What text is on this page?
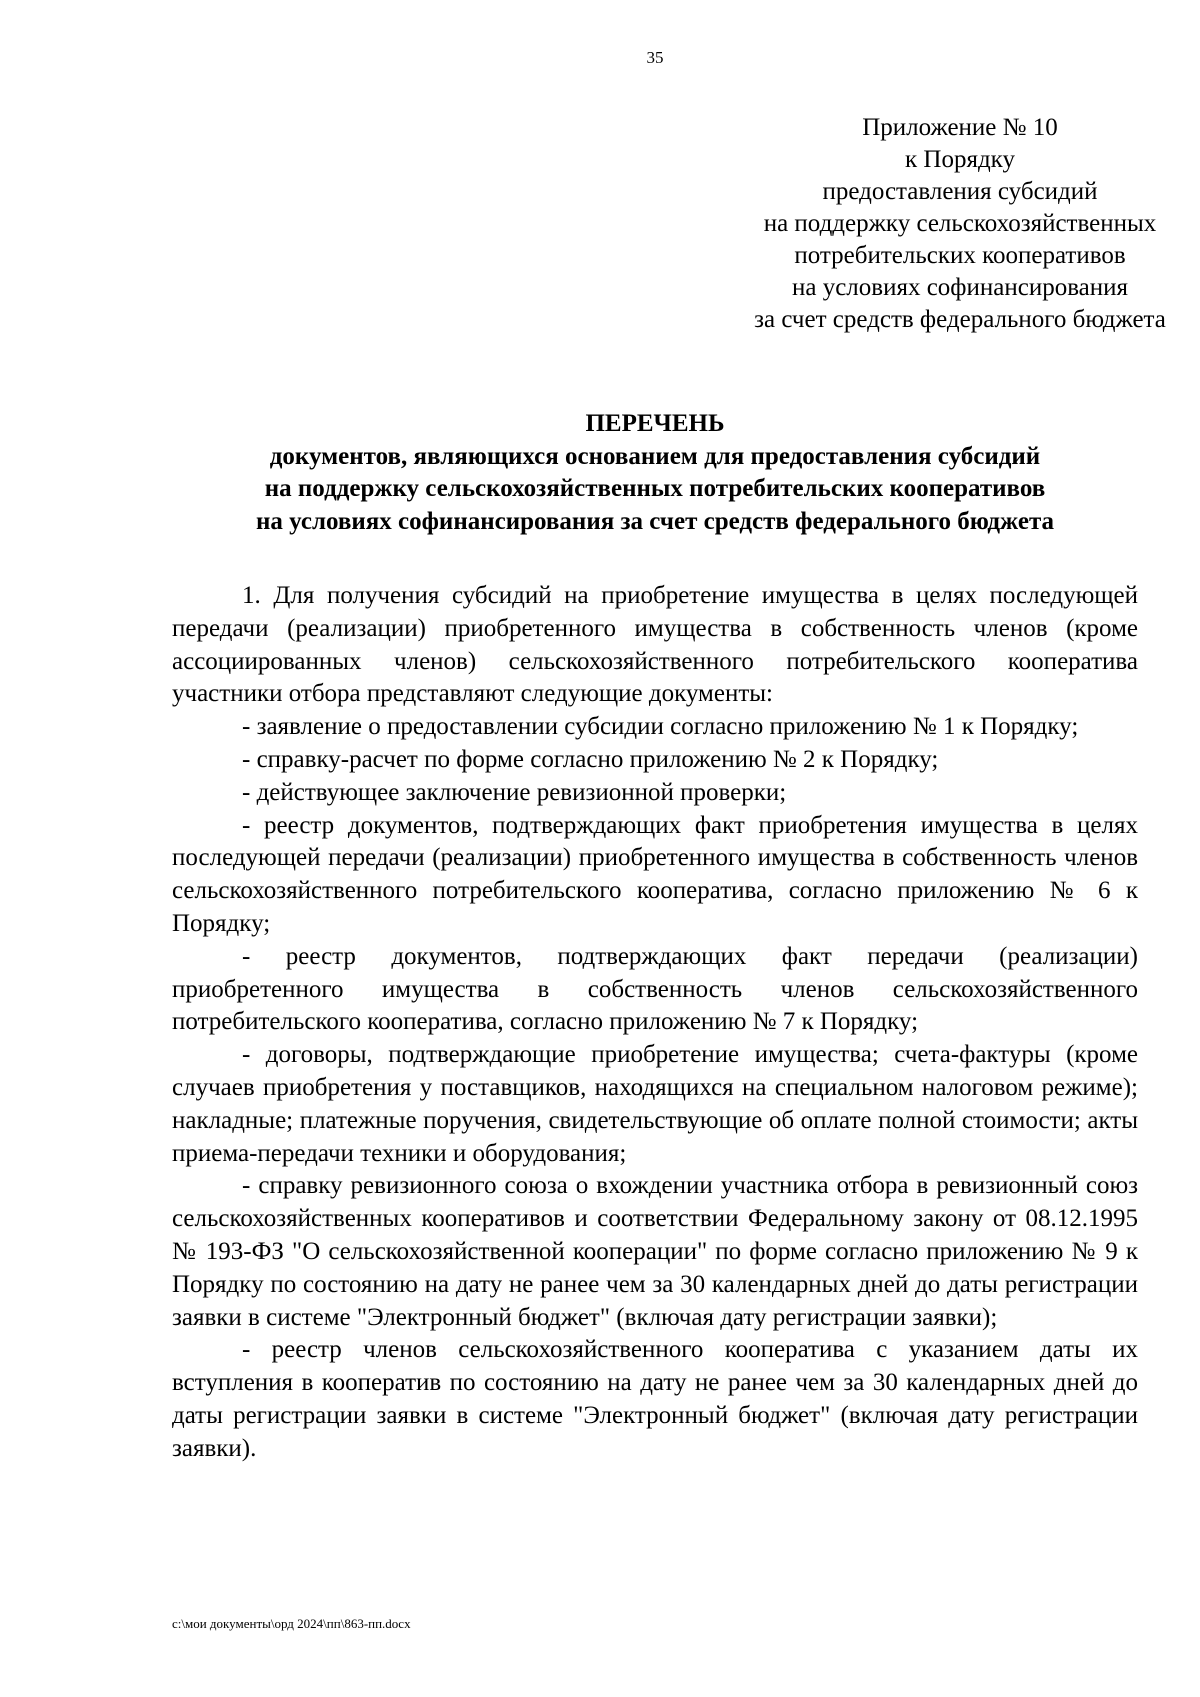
35
Приложение № 10
к Порядку
предоставления субсидий
на поддержку сельскохозяйственных
потребительских кооперативов
на условиях софинансирования
за счет средств федерального бюджета
ПЕРЕЧЕНЬ
документов, являющихся основанием для предоставления субсидий
на поддержку сельскохозяйственных потребительских кооперативов
на условиях софинансирования за счет средств федерального бюджета

1. Для получения субсидий на приобретение имущества в целях последующей передачи (реализации) приобретенного имущества в собственность членов (кроме ассоциированных членов) сельскохозяйственного потребительского кооператива участники отбора представляют следующие документы:

- заявление о предоставлении субсидии согласно приложению № 1 к Порядку;

- справку-расчет по форме согласно приложению № 2 к Порядку;

- действующее заключение ревизионной проверки;

- реестр документов, подтверждающих факт приобретения имущества в целях последующей передачи (реализации) приобретенного имущества в собственность членов сельскохозяйственного потребительского кооператива, согласно приложению № 6 к Порядку;

- реестр документов, подтверждающих факт передачи (реализации) приобретенного имущества в собственность членов сельскохозяйственного потребительского кооператива, согласно приложению № 7 к Порядку;

- договоры, подтверждающие приобретение имущества; счета-фактуры (кроме случаев приобретения у поставщиков, находящихся на специальном налоговом режиме); накладные; платежные поручения, свидетельствующие об оплате полной стоимости; акты приема-передачи техники и оборудования;

- справку ревизионного союза о вхождении участника отбора в ревизионный союз сельскохозяйственных кооперативов и соответствии Федеральному закону от 08.12.1995 № 193-ФЗ "О сельскохозяйственной кооперации" по форме согласно приложению № 9 к Порядку по состоянию на дату не ранее чем за 30 календарных дней до даты регистрации заявки в системе "Электронный бюджет" (включая дату регистрации заявки);

- реестр членов сельскохозяйственного кооператива с указанием даты их вступления в кооператив по состоянию на дату не ранее чем за 30 календарных дней до даты регистрации заявки в системе "Электронный бюджет" (включая дату регистрации заявки).

c:\мои документы\орд 2024\пп\863-пп.docx
